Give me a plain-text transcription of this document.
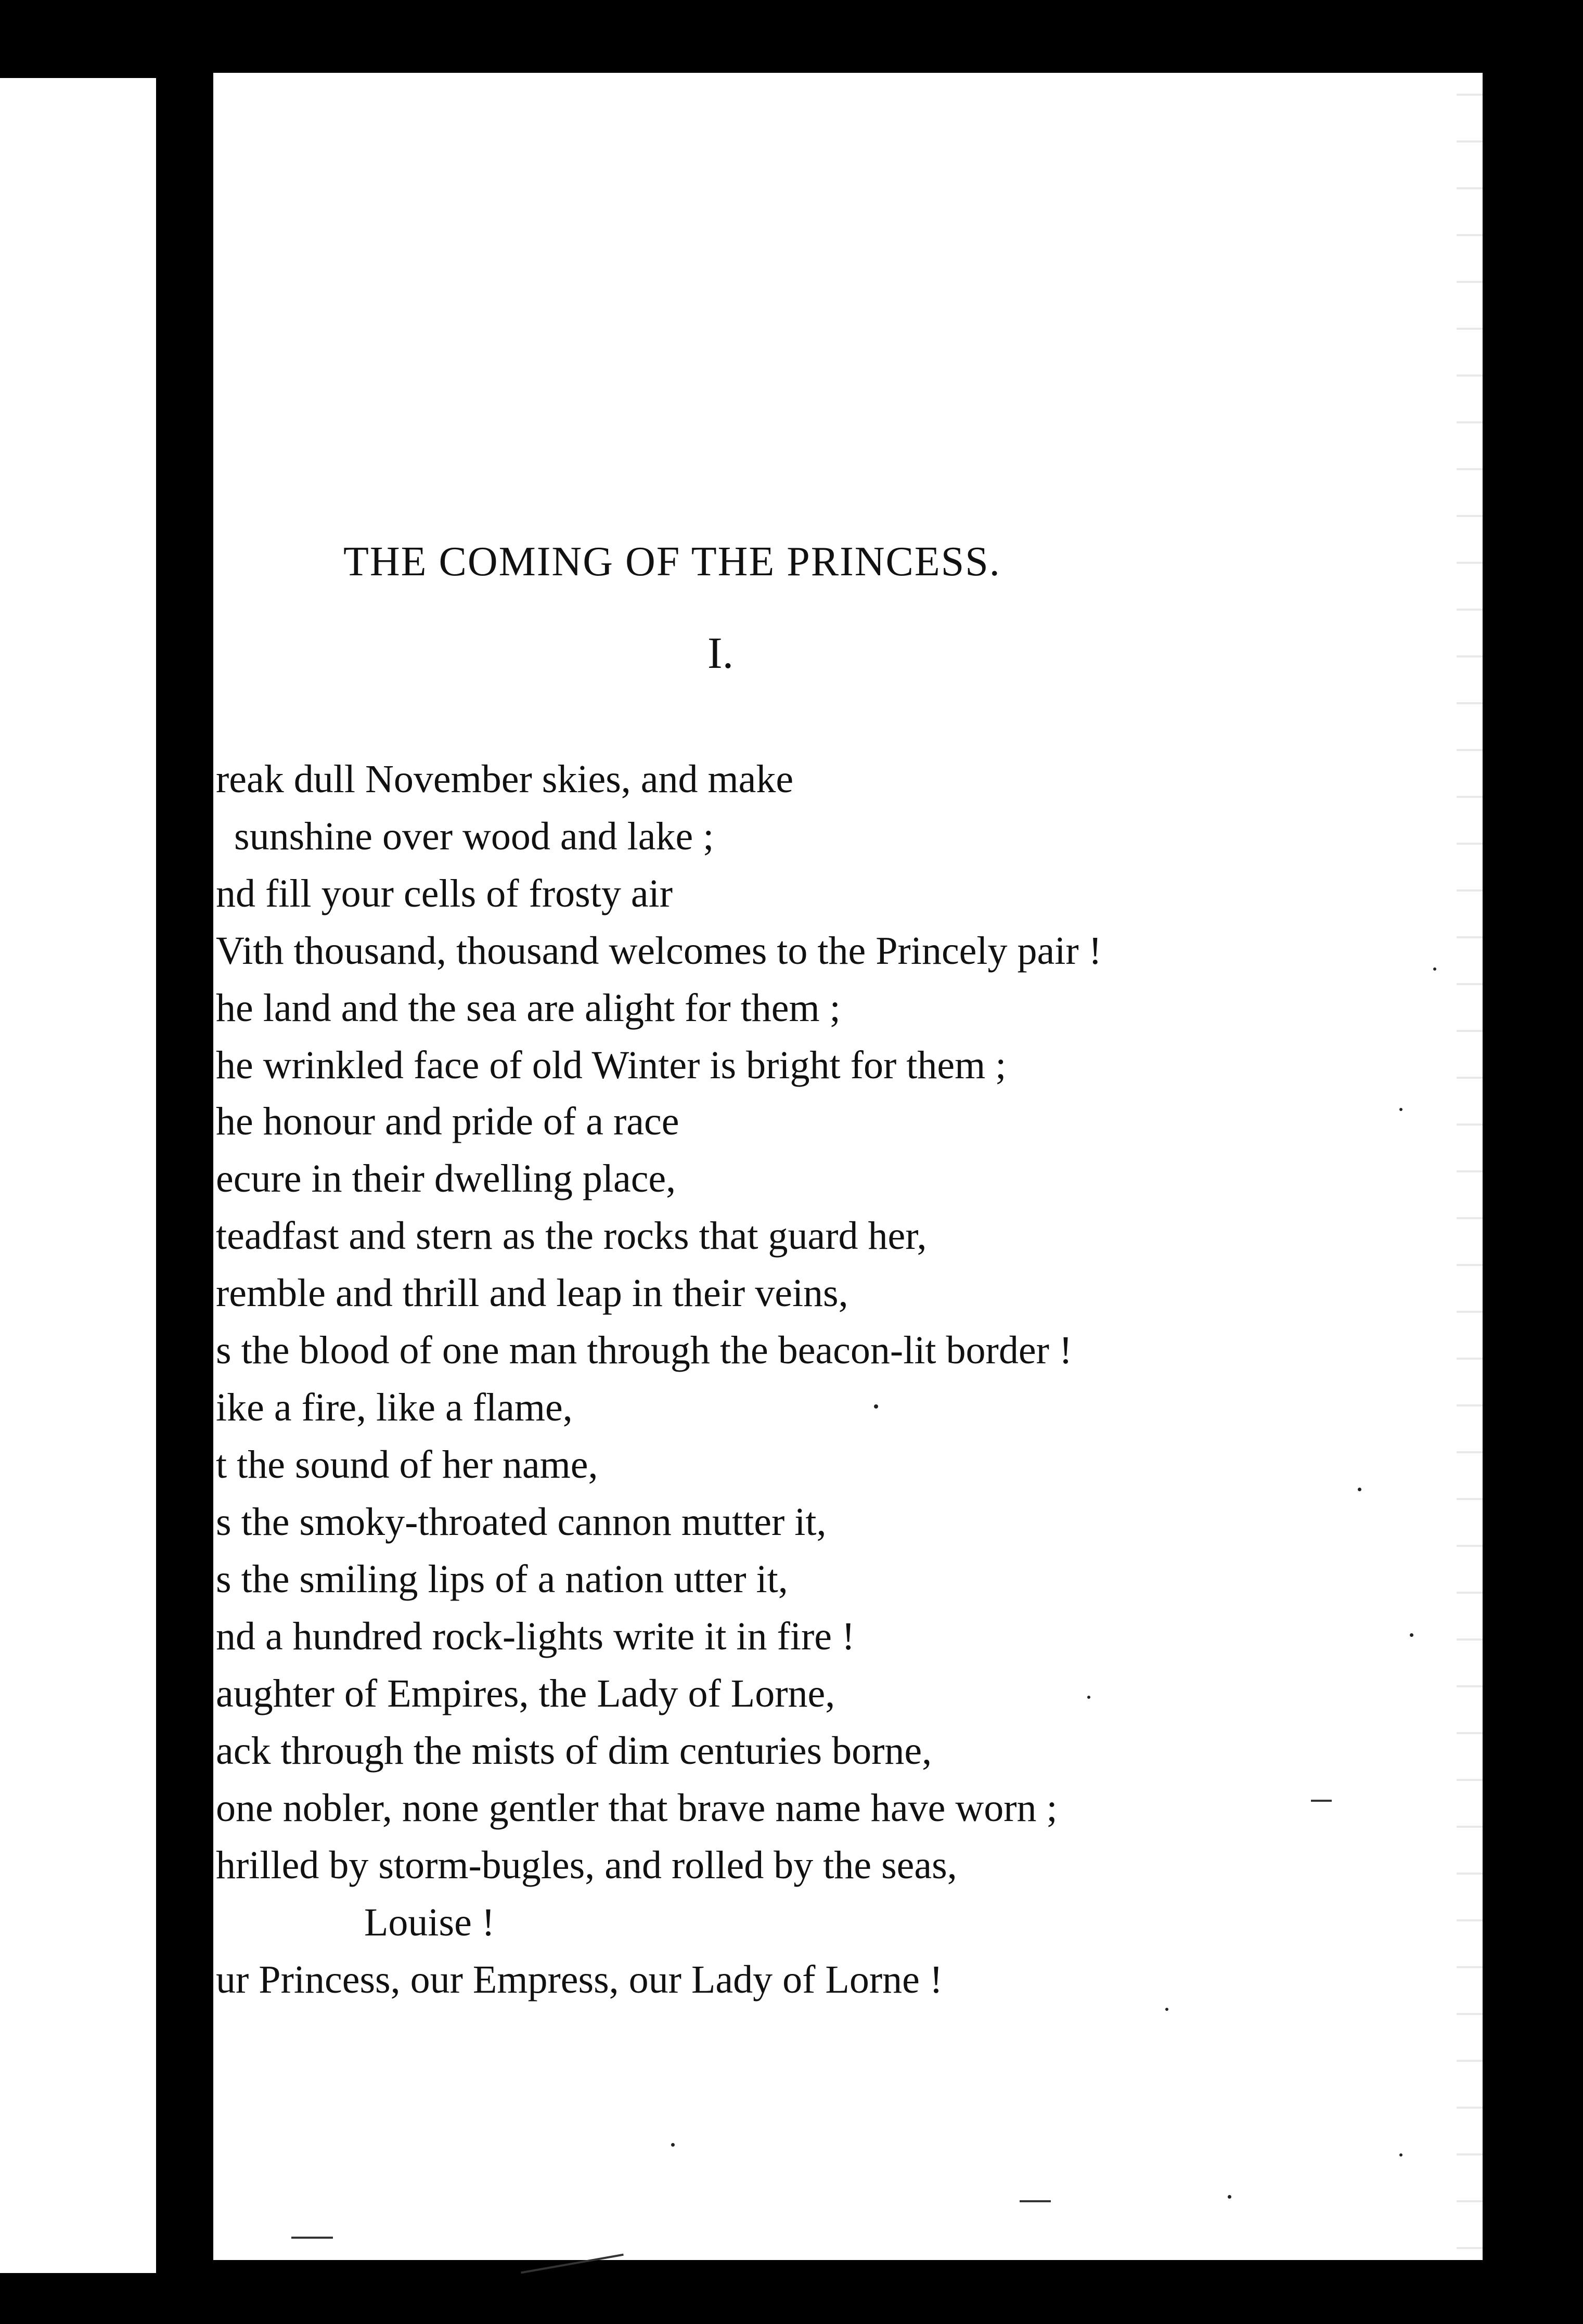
THE COMING OF THE PRINCESS.
I.
reak dull November skies, and make
sunshine over wood and lake ;
nd fill your cells of frosty air
Vith thousand, thousand welcomes to the Princely pair !
he land and the sea are alight for them ;
he wrinkled face of old Winter is bright for them ;
he honour and pride of a race
ecure in their dwelling place,
teadfast and stern as the rocks that guard her,
remble and thrill and leap in their veins,
s the blood of one man through the beacon-lit border !
ike a fire, like a flame,
t the sound of her name,
s the smoky-throated cannon mutter it,
s the smiling lips of a nation utter it,
nd a hundred rock-lights write it in fire !
aughter of Empires, the Lady of Lorne,
ack through the mists of dim centuries borne,
one nobler, none gentler that brave name have worn ;
hrilled by storm-bugles, and rolled by the seas,
Louise !
ur Princess, our Empress, our Lady of Lorne !
